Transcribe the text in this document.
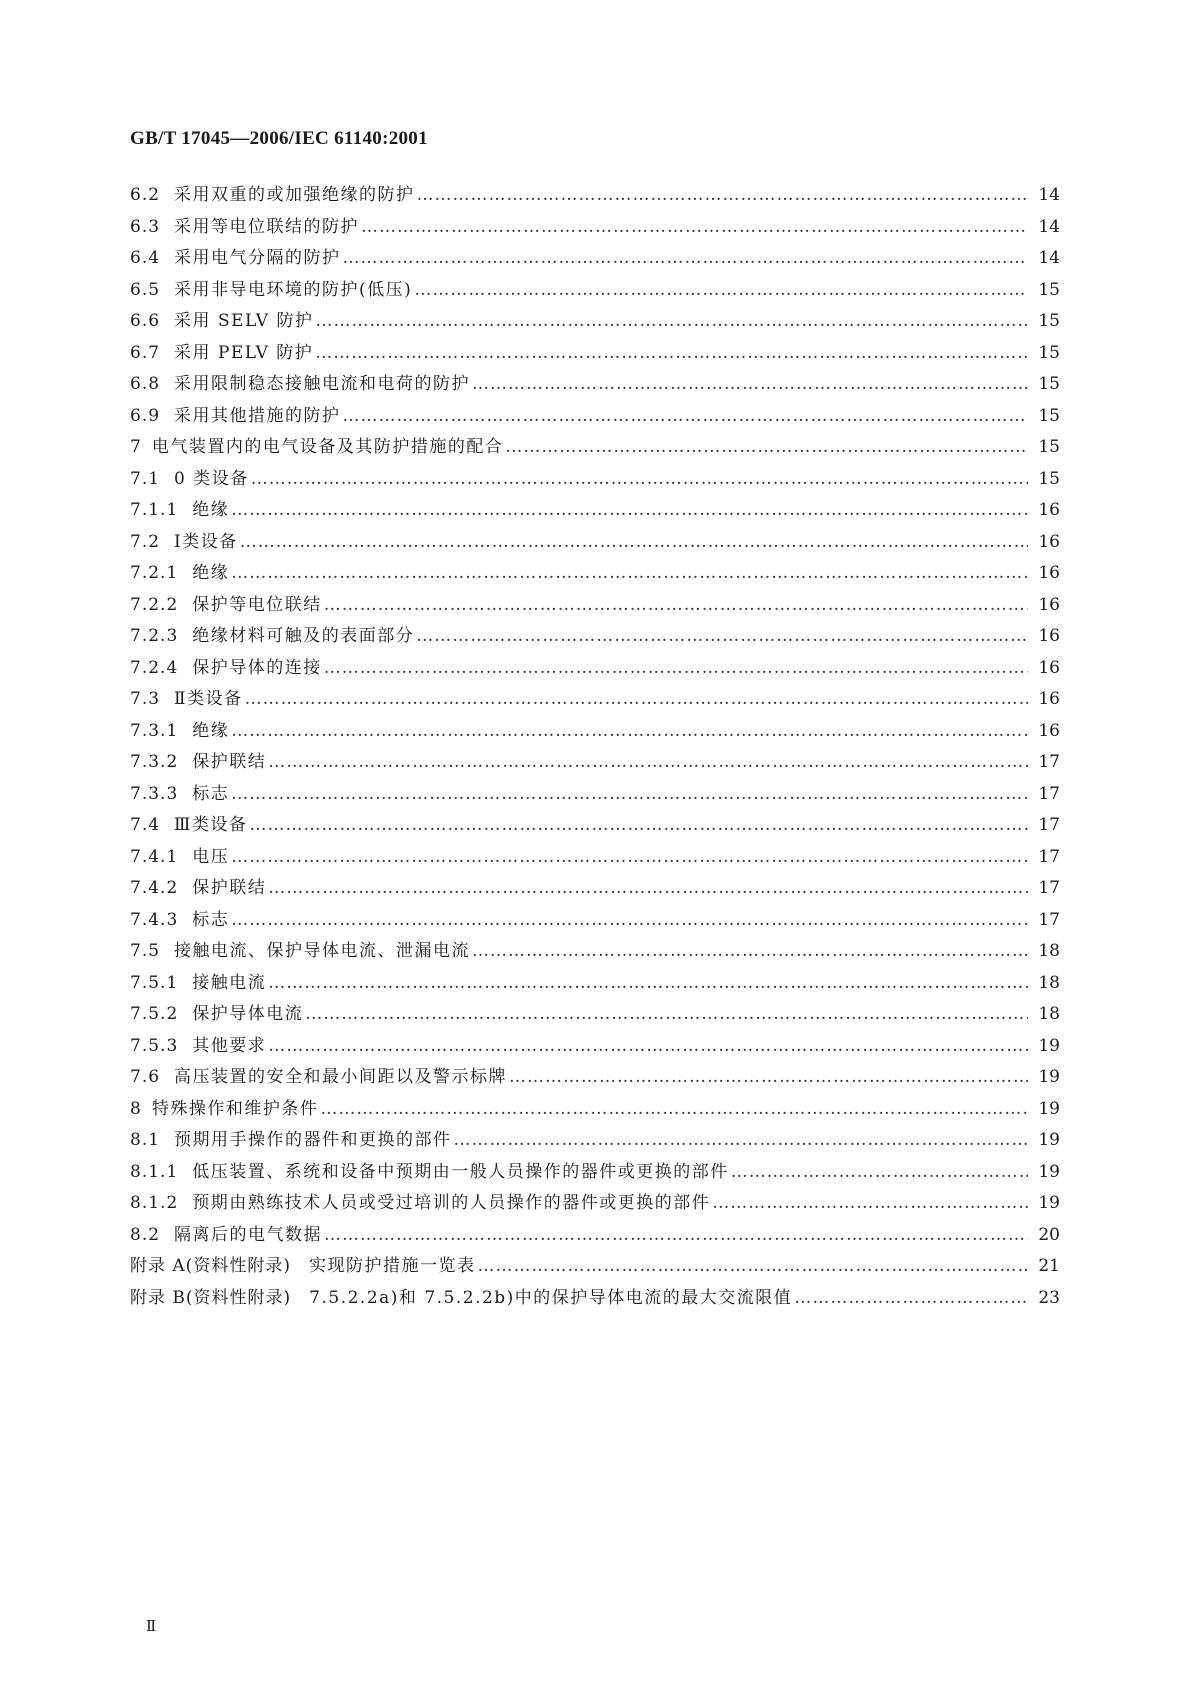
GB/T 17045—2006/IEC 61140:2001
6.2 采用双重的或加强绝缘的防护 ………………………………………………………………………………………………………………………………………………………………………………………………	14
6.3 采用等电位联结的防护 ………………………………………………………………………………………………………………………………………………………………………………………………	14
6.4 采用电气分隔的防护 ………………………………………………………………………………………………………………………………………………………………………………………………	14
6.5 采用非导电环境的防护(低压) ………………………………………………………………………………………………………………………………………………………………………………………………	15
6.6 采用 SELV 防护 ………………………………………………………………………………………………………………………………………………………………………………………………	15
6.7 采用 PELV 防护 ………………………………………………………………………………………………………………………………………………………………………………………………	15
6.8 采用限制稳态接触电流和电荷的防护 ………………………………………………………………………………………………………………………………………………………………………………………………	15
6.9 采用其他措施的防护 ………………………………………………………………………………………………………………………………………………………………………………………………	15
7 电气装置内的电气设备及其防护措施的配合 ………………………………………………………………………………………………………………………………………………………………………………………………	15
7.1 0 类设备 ………………………………………………………………………………………………………………………………………………………………………………………………	15
7.1.1 绝缘 ………………………………………………………………………………………………………………………………………………………………………………………………	16
7.2 Ⅰ类设备 ………………………………………………………………………………………………………………………………………………………………………………………………	16
7.2.1 绝缘 ………………………………………………………………………………………………………………………………………………………………………………………………	16
7.2.2 保护等电位联结 ………………………………………………………………………………………………………………………………………………………………………………………………	16
7.2.3 绝缘材料可触及的表面部分 ………………………………………………………………………………………………………………………………………………………………………………………………	16
7.2.4 保护导体的连接 ………………………………………………………………………………………………………………………………………………………………………………………………	16
7.3 Ⅱ类设备 ………………………………………………………………………………………………………………………………………………………………………………………………	16
7.3.1 绝缘 ………………………………………………………………………………………………………………………………………………………………………………………………	16
7.3.2 保护联结 ………………………………………………………………………………………………………………………………………………………………………………………………	17
7.3.3 标志 ………………………………………………………………………………………………………………………………………………………………………………………………	17
7.4 Ⅲ类设备 ………………………………………………………………………………………………………………………………………………………………………………………………	17
7.4.1 电压 ………………………………………………………………………………………………………………………………………………………………………………………………	17
7.4.2 保护联结 ………………………………………………………………………………………………………………………………………………………………………………………………	17
7.4.3 标志 ………………………………………………………………………………………………………………………………………………………………………………………………	17
7.5 接触电流、保护导体电流、泄漏电流 ………………………………………………………………………………………………………………………………………………………………………………………………	18
7.5.1 接触电流 ………………………………………………………………………………………………………………………………………………………………………………………………	18
7.5.2 保护导体电流 ………………………………………………………………………………………………………………………………………………………………………………………………	18
7.5.3 其他要求 ………………………………………………………………………………………………………………………………………………………………………………………………	19
7.6 高压装置的安全和最小间距以及警示标牌 ………………………………………………………………………………………………………………………………………………………………………………………………	19
8 特殊操作和维护条件 ………………………………………………………………………………………………………………………………………………………………………………………………	19
8.1 预期用手操作的器件和更换的部件 ………………………………………………………………………………………………………………………………………………………………………………………………	19
8.1.1 低压装置、系统和设备中预期由一般人员操作的器件或更换的部件 ………………………………………………………………………………………………………………………………………………………………………………………………	19
8.1.2 预期由熟练技术人员或受过培训的人员操作的器件或更换的部件 ………………………………………………………………………………………………………………………………………………………………………………………………	19
8.2 隔离后的电气数据 ………………………………………………………………………………………………………………………………………………………………………………………………	20
附录 A(资料性附录) 实现防护措施一览表 ………………………………………………………………………………………………………………………………………………………………………………………………	21
附录 B(资料性附录) 7.5.2.2a)和 7.5.2.2b)中的保护导体电流的最大交流限值 ………………………………………………………………………………………………………………………………………………………………………………………………	23
Ⅱ
